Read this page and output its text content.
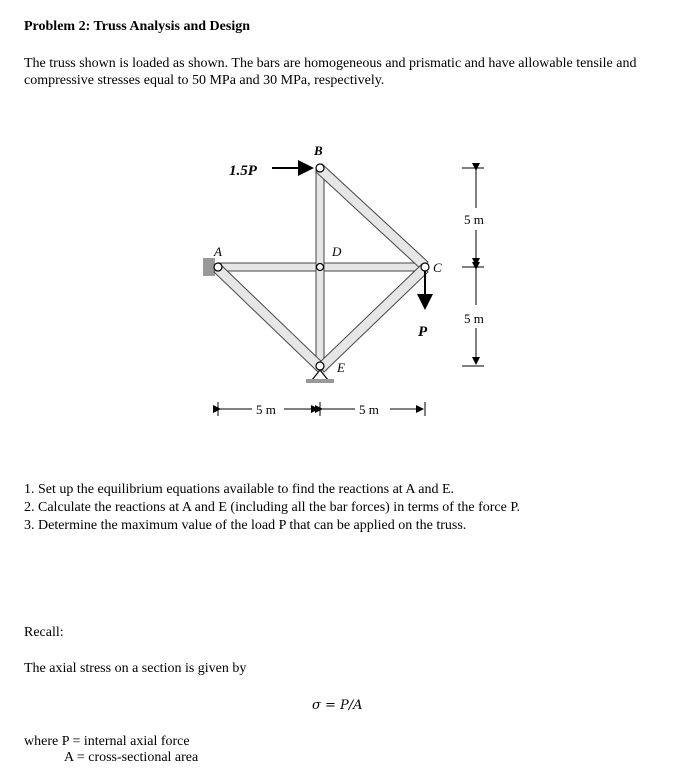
Problem 2: Truss Analysis and Design
The truss shown is loaded as shown. The bars are homogeneous and prismatic and have allowable tensile and compressive stresses equal to 50 MPa and 30 MPa, respectively.
A
B
C
D
E
1.5P
P
5 m	5 m
5 m
5 m
1. Set up the equilibrium equations available to find the reactions at A and E.
2. Calculate the reactions at A and E (including all the bar forces) in terms of the force P.
3. Determine the maximum value of the load P that can be applied on the truss.
Recall:
The axial stress on a section is given by
σ = P/A
where P = internal axial force
A = cross-sectional area
